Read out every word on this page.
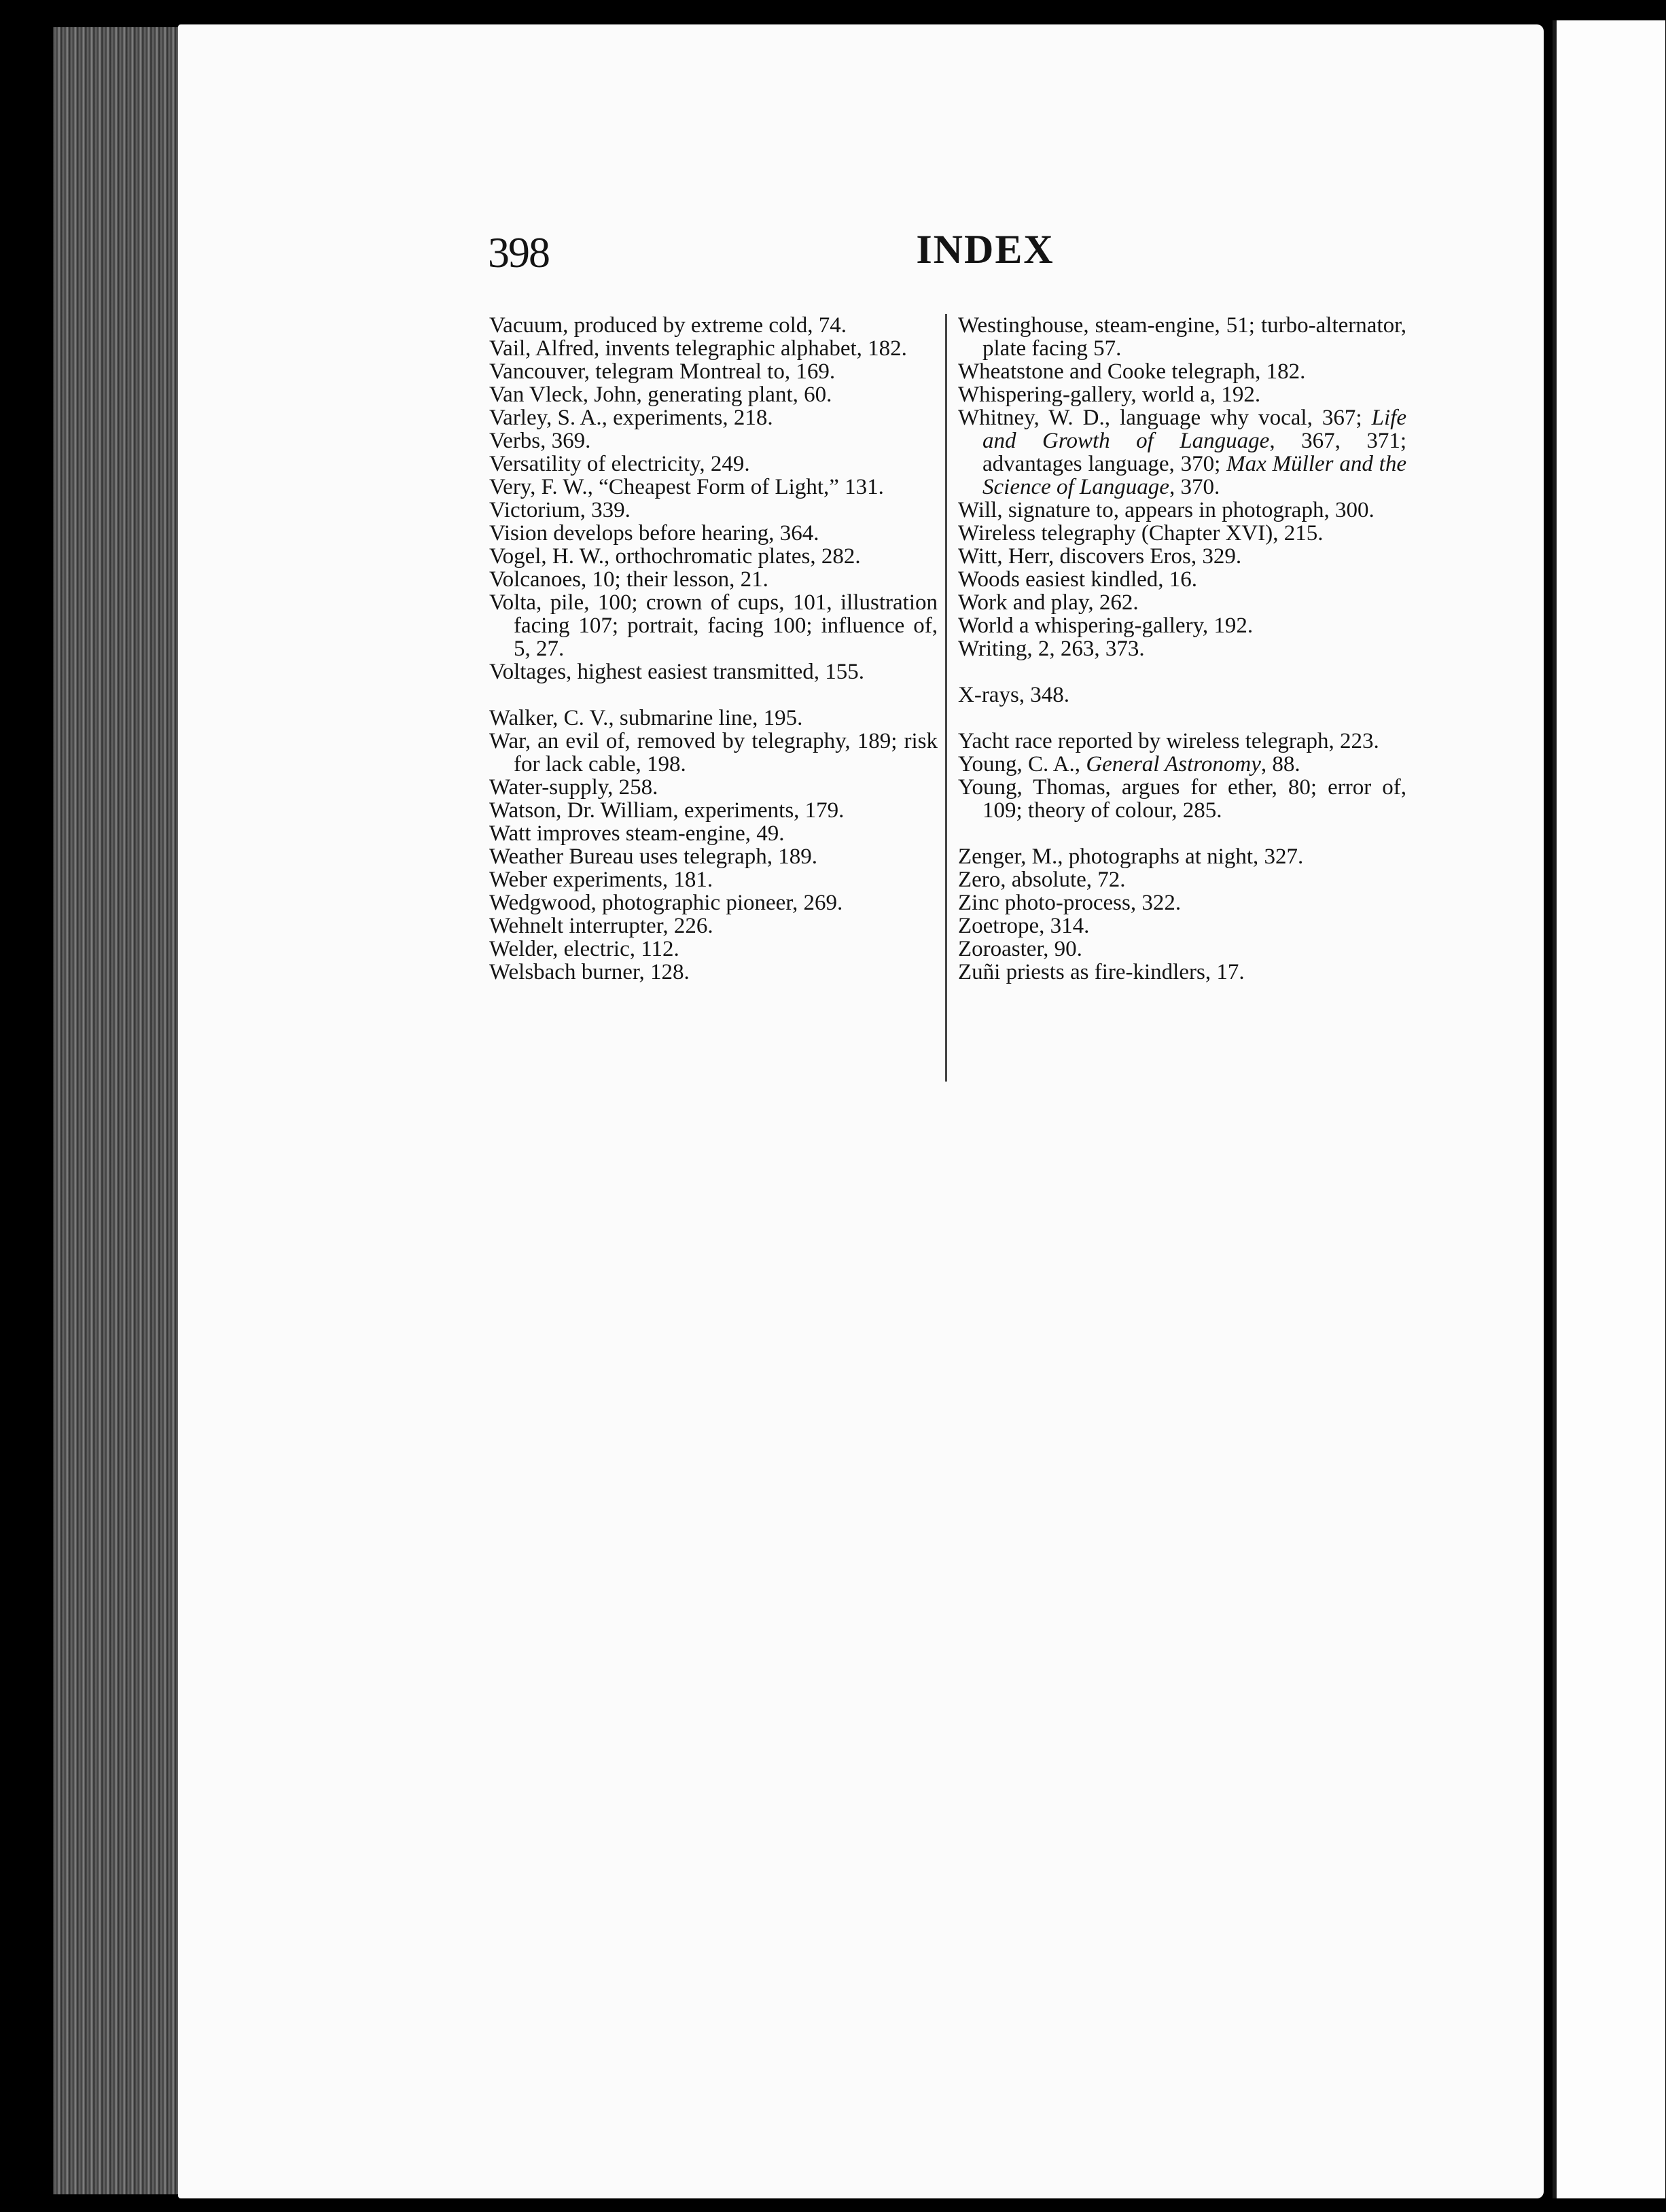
398	INDEX

Vacuum, produced by extreme cold, 74.

Vail, Alfred, invents telegraphic alphabet, 182.

Vancouver, telegram Montreal to, 169.

Van Vleck, John, generating plant, 60.

Varley, S. A., experiments, 218.

Verbs, 369.

Versatility of electricity, 249.

Very, F. W., “Cheapest Form of Light,” 131.

Victorium, 339.

Vision develops before hearing, 364.

Vogel, H. W., orthochromatic plates, 282.

Volcanoes, 10; their lesson, 21.

Volta, pile, 100; crown of cups, 101, illustration facing 107; portrait, facing 100; influence of, 5, 27.

Voltages, highest easiest transmitted, 155.

Walker, C. V., submarine line, 195.

War, an evil of, removed by telegraphy, 189; risk for lack cable, 198.

Water-supply, 258.

Watson, Dr. William, experiments, 179.

Watt improves steam-engine, 49.

Weather Bureau uses telegraph, 189.

Weber experiments, 181.

Wedgwood, photographic pioneer, 269.

Wehnelt interrupter, 226.

Welder, electric, 112.

Welsbach burner, 128.

Westinghouse, steam-engine, 51; turbo-alternator, plate facing 57.

Wheatstone and Cooke telegraph, 182.

Whispering-gallery, world a, 192.

Whitney, W. D., language why vocal, 367; Life and Growth of Language, 367, 371; advantages language, 370; Max Müller and the Science of Language, 370.

Will, signature to, appears in photograph, 300.

Wireless telegraphy (Chapter XVI), 215.

Witt, Herr, discovers Eros, 329.

Woods easiest kindled, 16.

Work and play, 262.

World a whispering-gallery, 192.

Writing, 2, 263, 373.

X-rays, 348.

Yacht race reported by wireless telegraph, 223.

Young, C. A., General Astronomy, 88.

Young, Thomas, argues for ether, 80; error of, 109; theory of colour, 285.

Zenger, M., photographs at night, 327.

Zero, absolute, 72.

Zinc photo-process, 322.

Zoetrope, 314.

Zoroaster, 90.

Zuñi priests as fire-kindlers, 17.
